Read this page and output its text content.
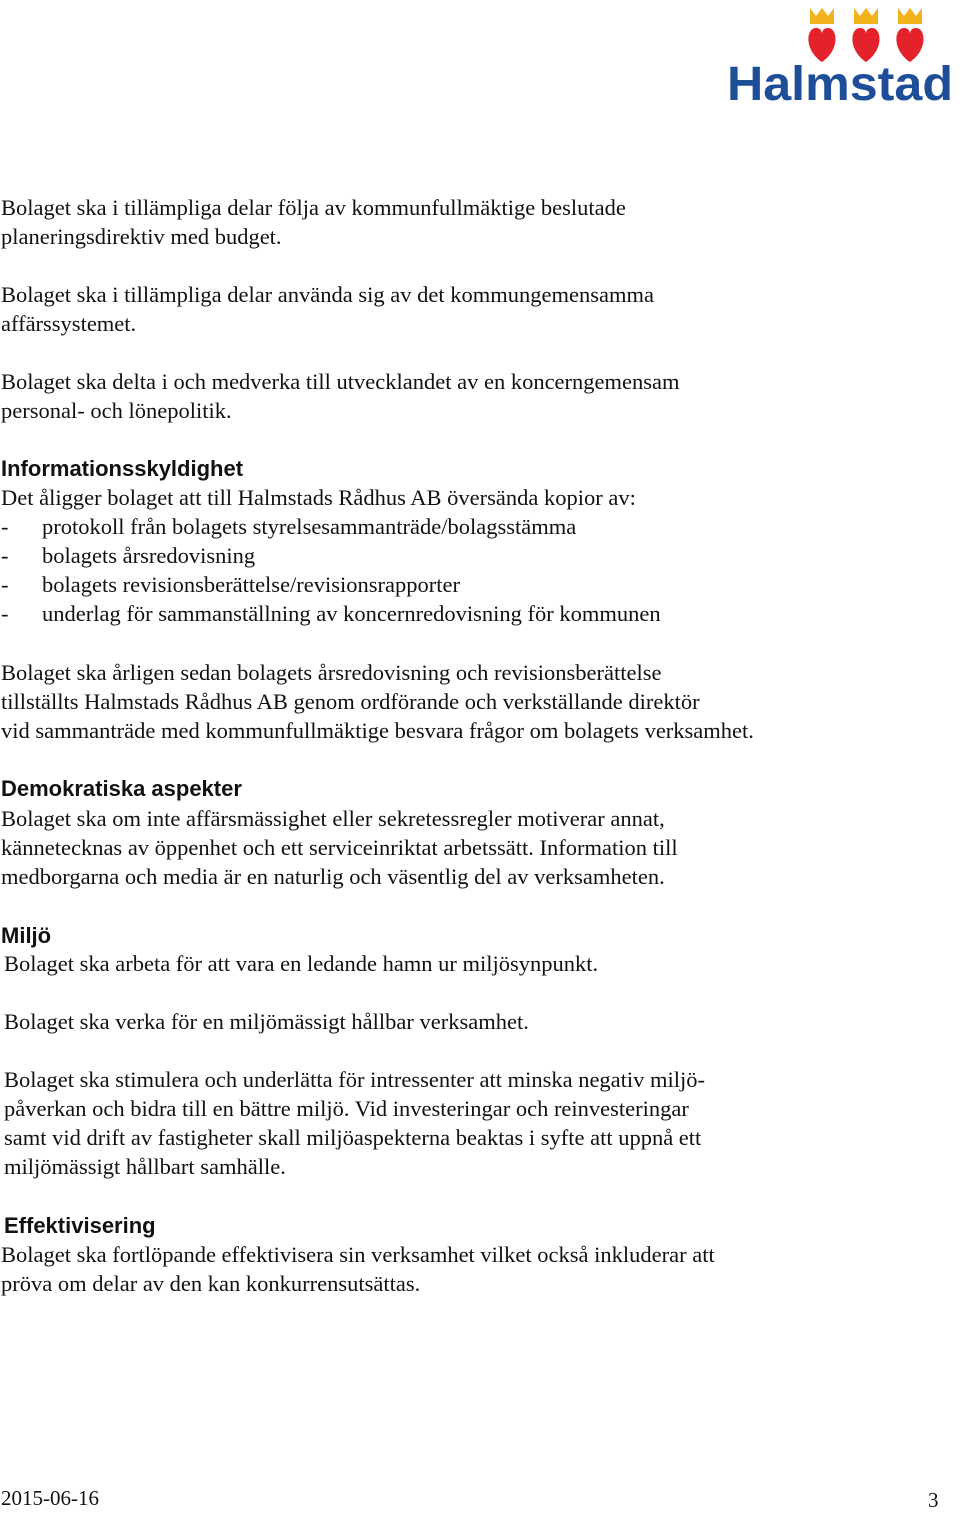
Halmstad

Bolaget ska i tillämpliga delar följa av kommunfullmäktige beslutade

planeringsdirektiv med budget.

Bolaget ska i tillämpliga delar använda sig av det kommungemensamma

affärssystemet.

Bolaget ska delta i och medverka till utvecklandet av en koncerngemensam

personal- och lönepolitik.

Informationsskyldighet

Det åligger bolaget att till Halmstads Rådhus AB översända kopior av:

- protokoll från bolagets styrelsesammanträde/bolagsstämma
- bolagets årsredovisning
- bolagets revisionsberättelse/revisionsrapporter
- underlag för sammanställning av koncernredovisning för kommunen

Bolaget ska årligen sedan bolagets årsredovisning och revisionsberättelse

tillställts Halmstads Rådhus AB genom ordförande och verkställande direktör

vid sammanträde med kommunfullmäktige besvara frågor om bolagets verksamhet.

Demokratiska aspekter

Bolaget ska om inte affärsmässighet eller sekretessregler motiverar annat,

kännetecknas av öppenhet och ett serviceinriktat arbetssätt. Information till

medborgarna och media är en naturlig och väsentlig del av verksamheten.

Miljö

Bolaget ska arbeta för att vara en ledande hamn ur miljösynpunkt.

Bolaget ska verka för en miljömässigt hållbar verksamhet.

Bolaget ska stimulera och underlätta för intressenter att minska negativ miljö-

påverkan och bidra till en bättre miljö. Vid investeringar och reinvesteringar

samt vid drift av fastigheter skall miljöaspekterna beaktas i syfte att uppnå ett

miljömässigt hållbart samhälle.

Effektivisering

Bolaget ska fortlöpande effektivisera sin verksamhet vilket också inkluderar att

pröva om delar av den kan konkurrensutsättas.

2015-06-16	3
